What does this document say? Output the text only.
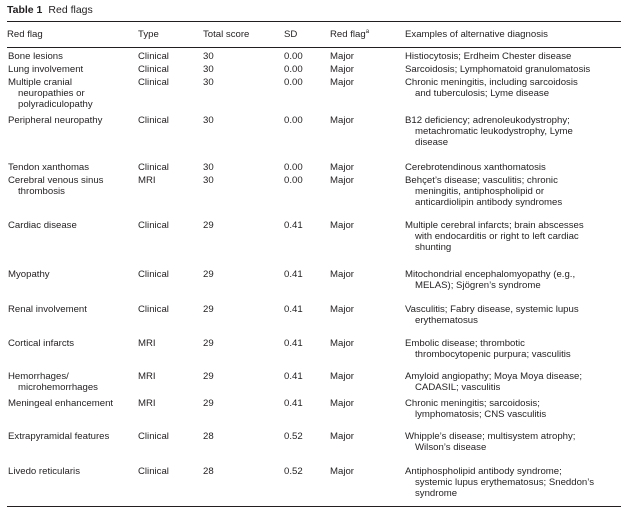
Table 1 Red flags
Red flag	Type	Total score	SD	Red flag$^a$	Examples of alternative diagnosis

Bone lesions	Clinical	30	0.00	Major	Histiocytosis; Erdheim Chester disease

Lung involvement	Clinical	30	0.00	Major	Sarcoidosis; Lymphomatoid granulomatosis

Multiple cranial
neuropathies or
polyradiculopathy	Clinical	30	0.00	Major	Chronic meningitis, including sarcoidosis
and tuberculosis; Lyme disease

Peripheral neuropathy	Clinical	30	0.00	Major	B12 deficiency; adrenoleukodystrophy;
metachromatic leukodystrophy, Lyme
disease

Tendon xanthomas	Clinical	30	0.00	Major	Cerebrotendinous xanthomatosis

Cerebral venous sinus
thrombosis	MRI	30	0.00	Major	Behçet’s disease; vasculitis; chronic
meningitis, antiphospholipid or
anticardiolipin antibody syndromes

Cardiac disease	Clinical	29	0.41	Major	Multiple cerebral infarcts; brain abscesses
with endocarditis or right to left cardiac
shunting

Myopathy	Clinical	29	0.41	Major	Mitochondrial encephalomyopathy (e.g.,
MELAS); Sjögren’s syndrome

Renal involvement	Clinical	29	0.41	Major	Vasculitis; Fabry disease, systemic lupus
erythematosus

Cortical infarcts	MRI	29	0.41	Major	Embolic disease; thrombotic
thrombocytopenic purpura; vasculitis

Hemorrhages/
microhemorrhages	MRI	29	0.41	Major	Amyloid angiopathy; Moya Moya disease;
CADASIL; vasculitis

Meningeal enhancement	MRI	29	0.41	Major	Chronic meningitis; sarcoidosis;
lymphomatosis; CNS vasculitis

Extrapyramidal features	Clinical	28	0.52	Major	Whipple’s disease; multisystem atrophy;
Wilson’s disease

Livedo reticularis	Clinical	28	0.52	Major	Antiphospholipid antibody syndrome;
systemic lupus erythematosus; Sneddon’s
syndrome
